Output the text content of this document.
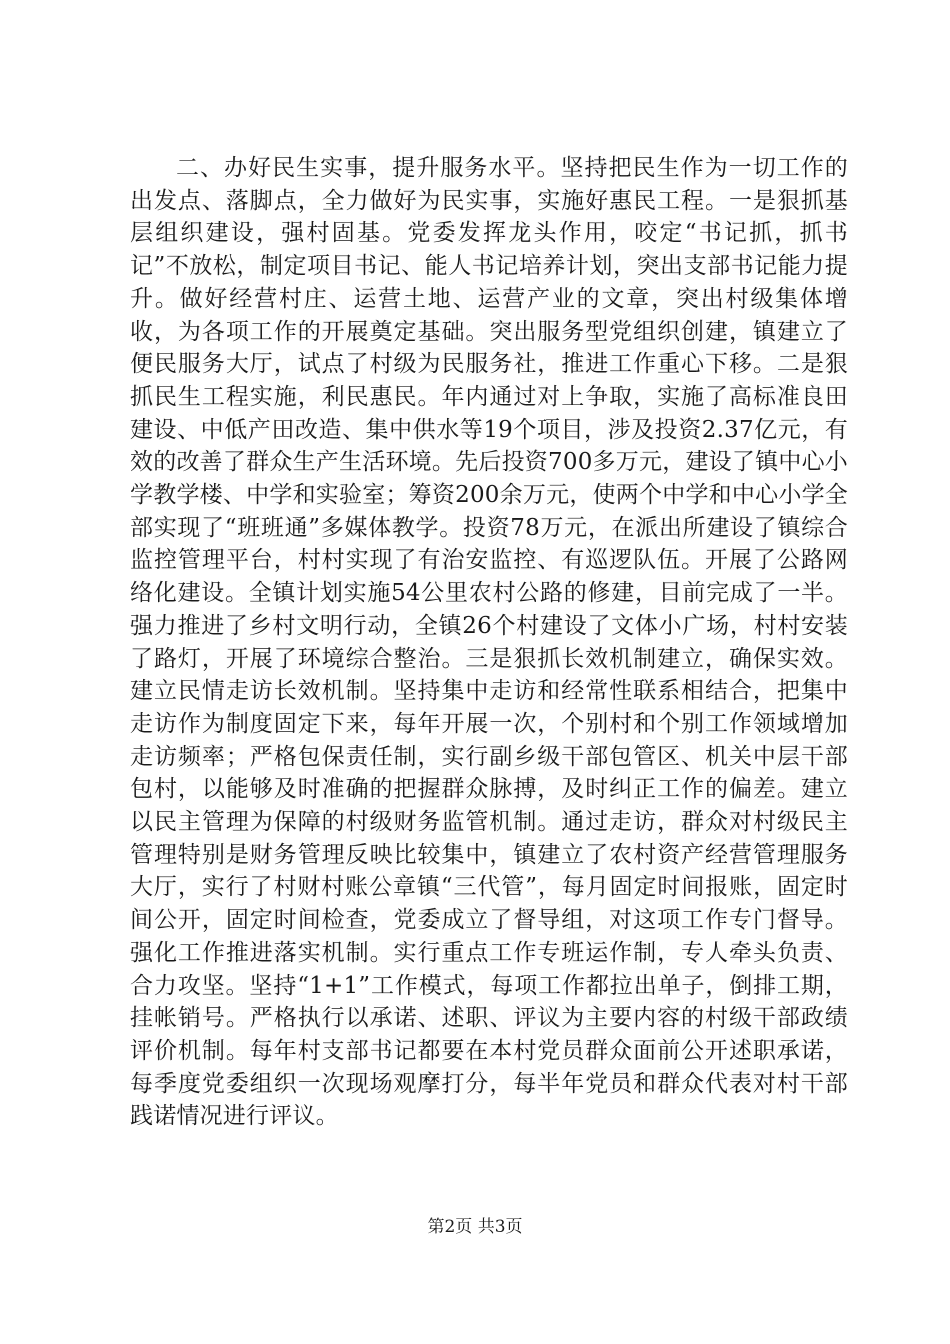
二、办好民生实事，提升服务水平。坚持把民生作为一切工作的出发点、落脚点，全力做好为民实事，实施好惠民工程。一是狠抓基层组织建设，强村固基。党委发挥龙头作用，咬定“书记抓，抓书记”不放松，制定项目书记、能人书记培养计划，突出支部书记能力提升。做好经营村庄、运营土地、运营产业的文章，突出村级集体增收，为各项工作的开展奠定基础。突出服务型党组织创建，镇建立了便民服务大厅，试点了村级为民服务社，推进工作重心下移。二是狠抓民生工程实施，利民惠民。年内通过对上争取，实施了高标准良田建设、中低产田改造、集中供水等19个项目，涉及投资2.37亿元，有效的改善了群众生产生活环境。先后投资700多万元，建设了镇中心小学教学楼、中学和实验室；筹资200余万元，使两个中学和中心小学全部实现了“班班通”多媒体教学。投资78万元，在派出所建设了镇综合监控管理平台，村村实现了有治安监控、有巡逻队伍。开展了公路网络化建设。全镇计划实施54公里农村公路的修建，目前完成了一半。强力推进了乡村文明行动，全镇26个村建设了文体小广场，村村安装了路灯，开展了环境综合整治。三是狠抓长效机制建立，确保实效。建立民情走访长效机制。坚持集中走访和经常性联系相结合，把集中走访作为制度固定下来，每年开展一次，个别村和个别工作领域增加走访频率；严格包保责任制，实行副乡级干部包管区、机关中层干部包村，以能够及时准确的把握群众脉搏，及时纠正工作的偏差。建立以民主管理为保障的村级财务监管机制。通过走访，群众对村级民主管理特别是财务管理反映比较集中，镇建立了农村资产经营管理服务大厅，实行了村财村账公章镇“三代管”，每月固定时间报账，固定时间公开，固定时间检查，党委成立了督导组，对这项工作专门督导。强化工作推进落实机制。实行重点工作专班运作制，专人牵头负责、合力攻坚。坚持“1+1”工作模式，每项工作都拉出单子，倒排工期，挂帐销号。严格执行以承诺、述职、评议为主要内容的村级干部政绩评价机制。每年村支部书记都要在本村党员群众面前公开述职承诺，每季度党委组织一次现场观摩打分，每半年党员和群众代表对村干部践诺情况进行评议。

第2页 共3页
